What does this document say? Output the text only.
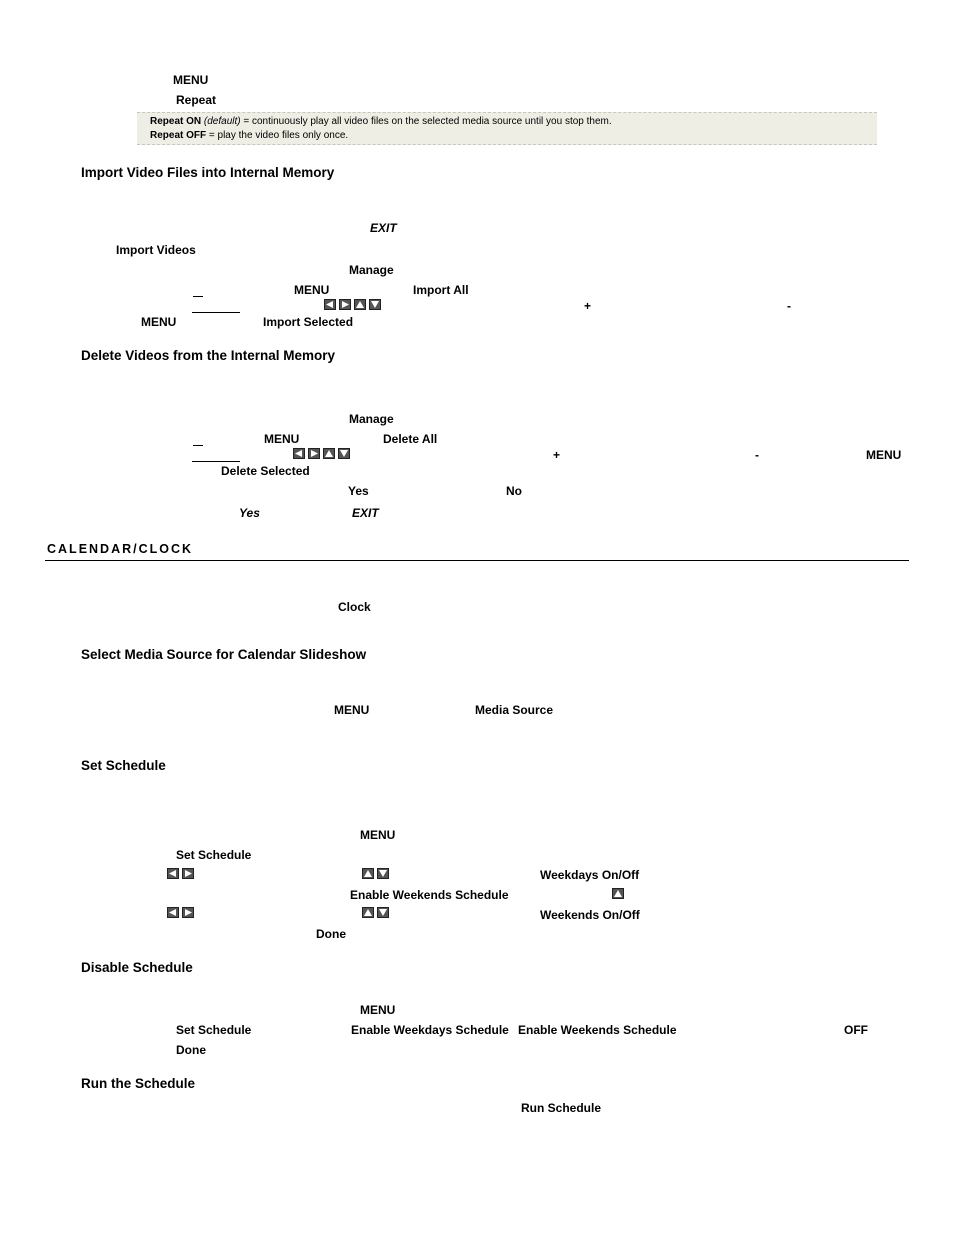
MENU
Repeat
Repeat ON (default) = continuously play all video files on the selected media source until you stop them.
Repeat OFF = play the video files only once.
Import Video Files into Internal Memory
EXIT
Import Videos
Manage
MENU	Import All
+	-
MENU	Import Selected
Delete Videos from the Internal Memory
Manage
MENU	Delete All
+	-	MENU
Delete Selected
Yes	No
Yes	EXIT
CALENDAR/CLOCK
Clock
Select Media Source for Calendar Slideshow
MENU	Media Source
Set Schedule
MENU
Set Schedule
Weekdays On/Off
Enable Weekends Schedule
Weekends On/Off
Done
Disable Schedule
MENU
Set Schedule	Enable Weekdays Schedule Enable Weekends Schedule	OFF
Done
Run the Schedule
Run Schedule
